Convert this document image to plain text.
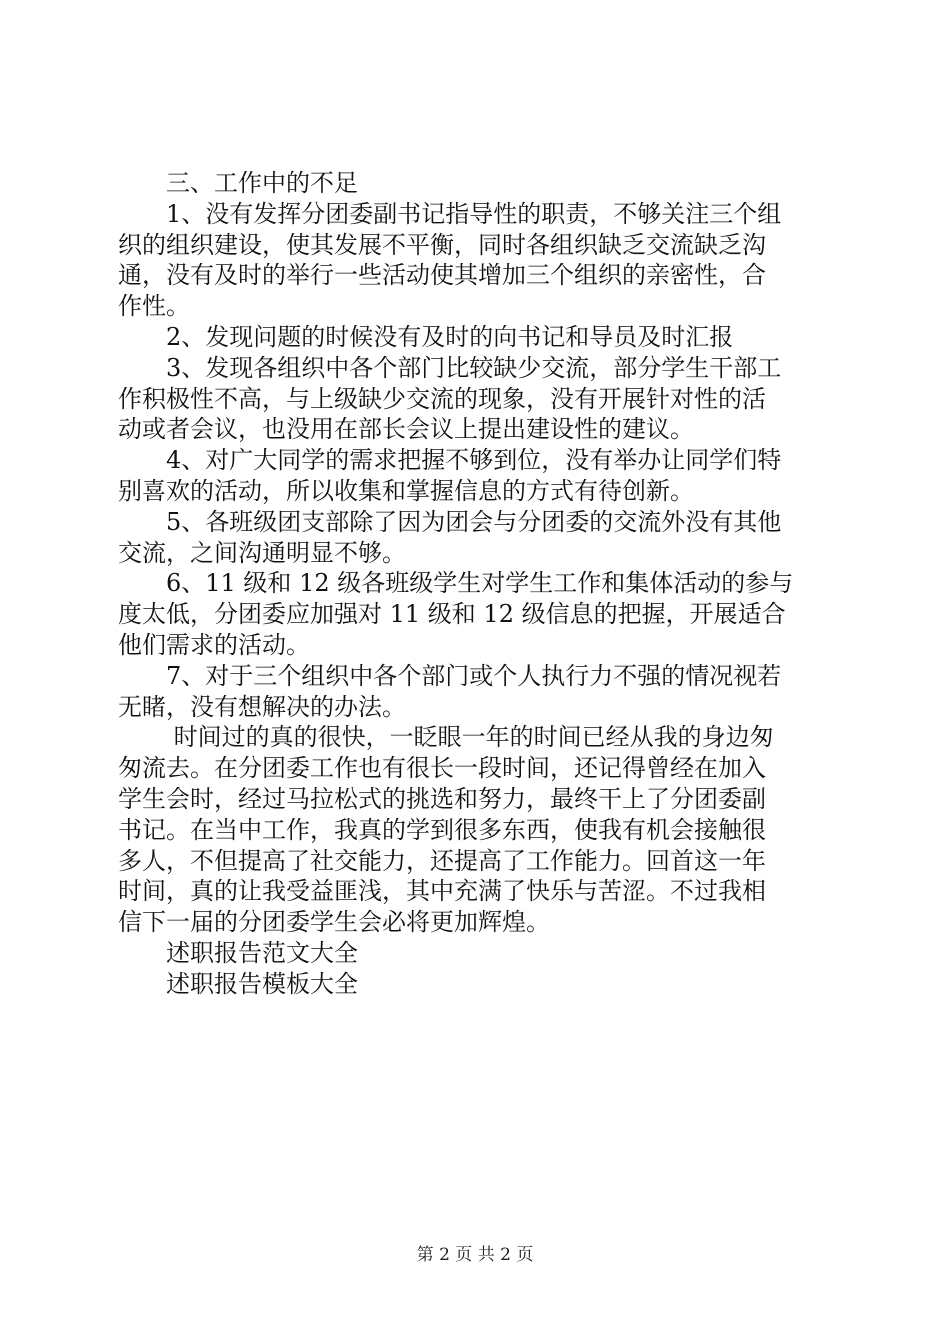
　　三、工作中的不足
　　1、没有发挥分团委副书记指导性的职责，不够关注三个组
织的组织建设，使其发展不平衡，同时各组织缺乏交流缺乏沟
通，没有及时的举行一些活动使其增加三个组织的亲密性，合
作性。
　　2、发现问题的时候没有及时的向书记和导员及时汇报
　　3、发现各组织中各个部门比较缺少交流，部分学生干部工
作积极性不高，与上级缺少交流的现象，没有开展针对性的活
动或者会议，也没用在部长会议上提出建设性的建议。
　　4、对广大同学的需求把握不够到位，没有举办让同学们特
别喜欢的活动，所以收集和掌握信息的方式有待创新。
　　5、各班级团支部除了因为团会与分团委的交流外没有其他
交流，之间沟通明显不够。
　　6、11 级和 12 级各班级学生对学生工作和集体活动的参与
度太低，分团委应加强对 11 级和 12 级信息的把握，开展适合
他们需求的活动。
　　7、对于三个组织中各个部门或个人执行力不强的情况视若
无睹，没有想解决的办法。
　　 时间过的真的很快，一眨眼一年的时间已经从我的身边匆
匆流去。在分团委工作也有很长一段时间，还记得曾经在加入
学生会时，经过马拉松式的挑选和努力，最终干上了分团委副
书记。在当中工作，我真的学到很多东西，使我有机会接触很
多人，不但提高了社交能力，还提高了工作能力。回首这一年
时间，真的让我受益匪浅，其中充满了快乐与苦涩。不过我相
信下一届的分团委学生会必将更加辉煌。
　　述职报告范文大全
　　述职报告模板大全
第 2 页 共 2 页
